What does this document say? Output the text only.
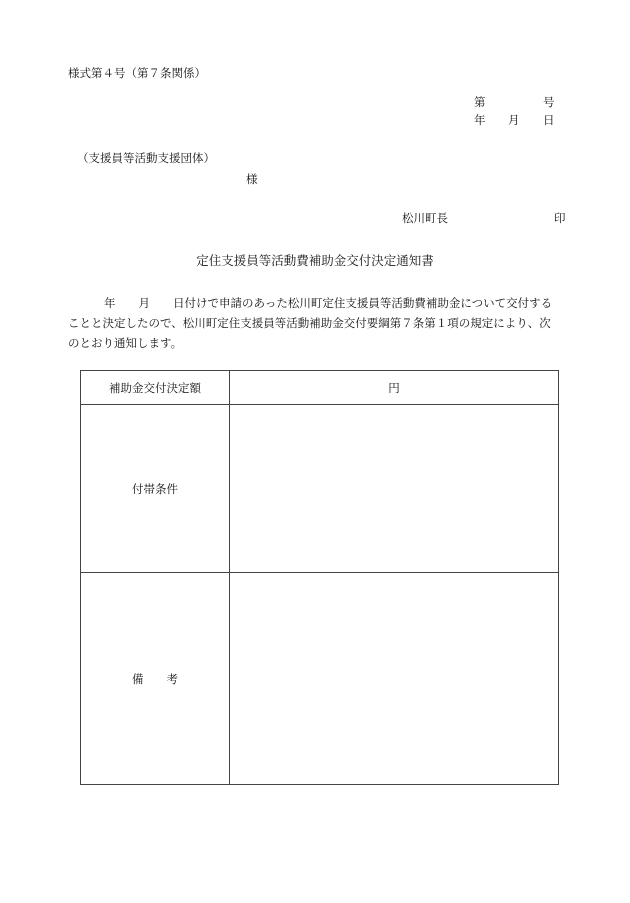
様式第４号（第７条関係）
第	号
年 月 日
（支援員等活動支援団体）
様
松川町長	印
定住支援員等活動費補助金交付決定通知書

年　　月　　日付けで申請のあった松川町定住支援員等活動費補助金について交付する

ことと決定したので、松川町定住支援員等活動補助金交付要綱第７条第１項の規定により、次

のとおり通知します。

補助金交付決定額	円
付帯条件	
備　　考	
